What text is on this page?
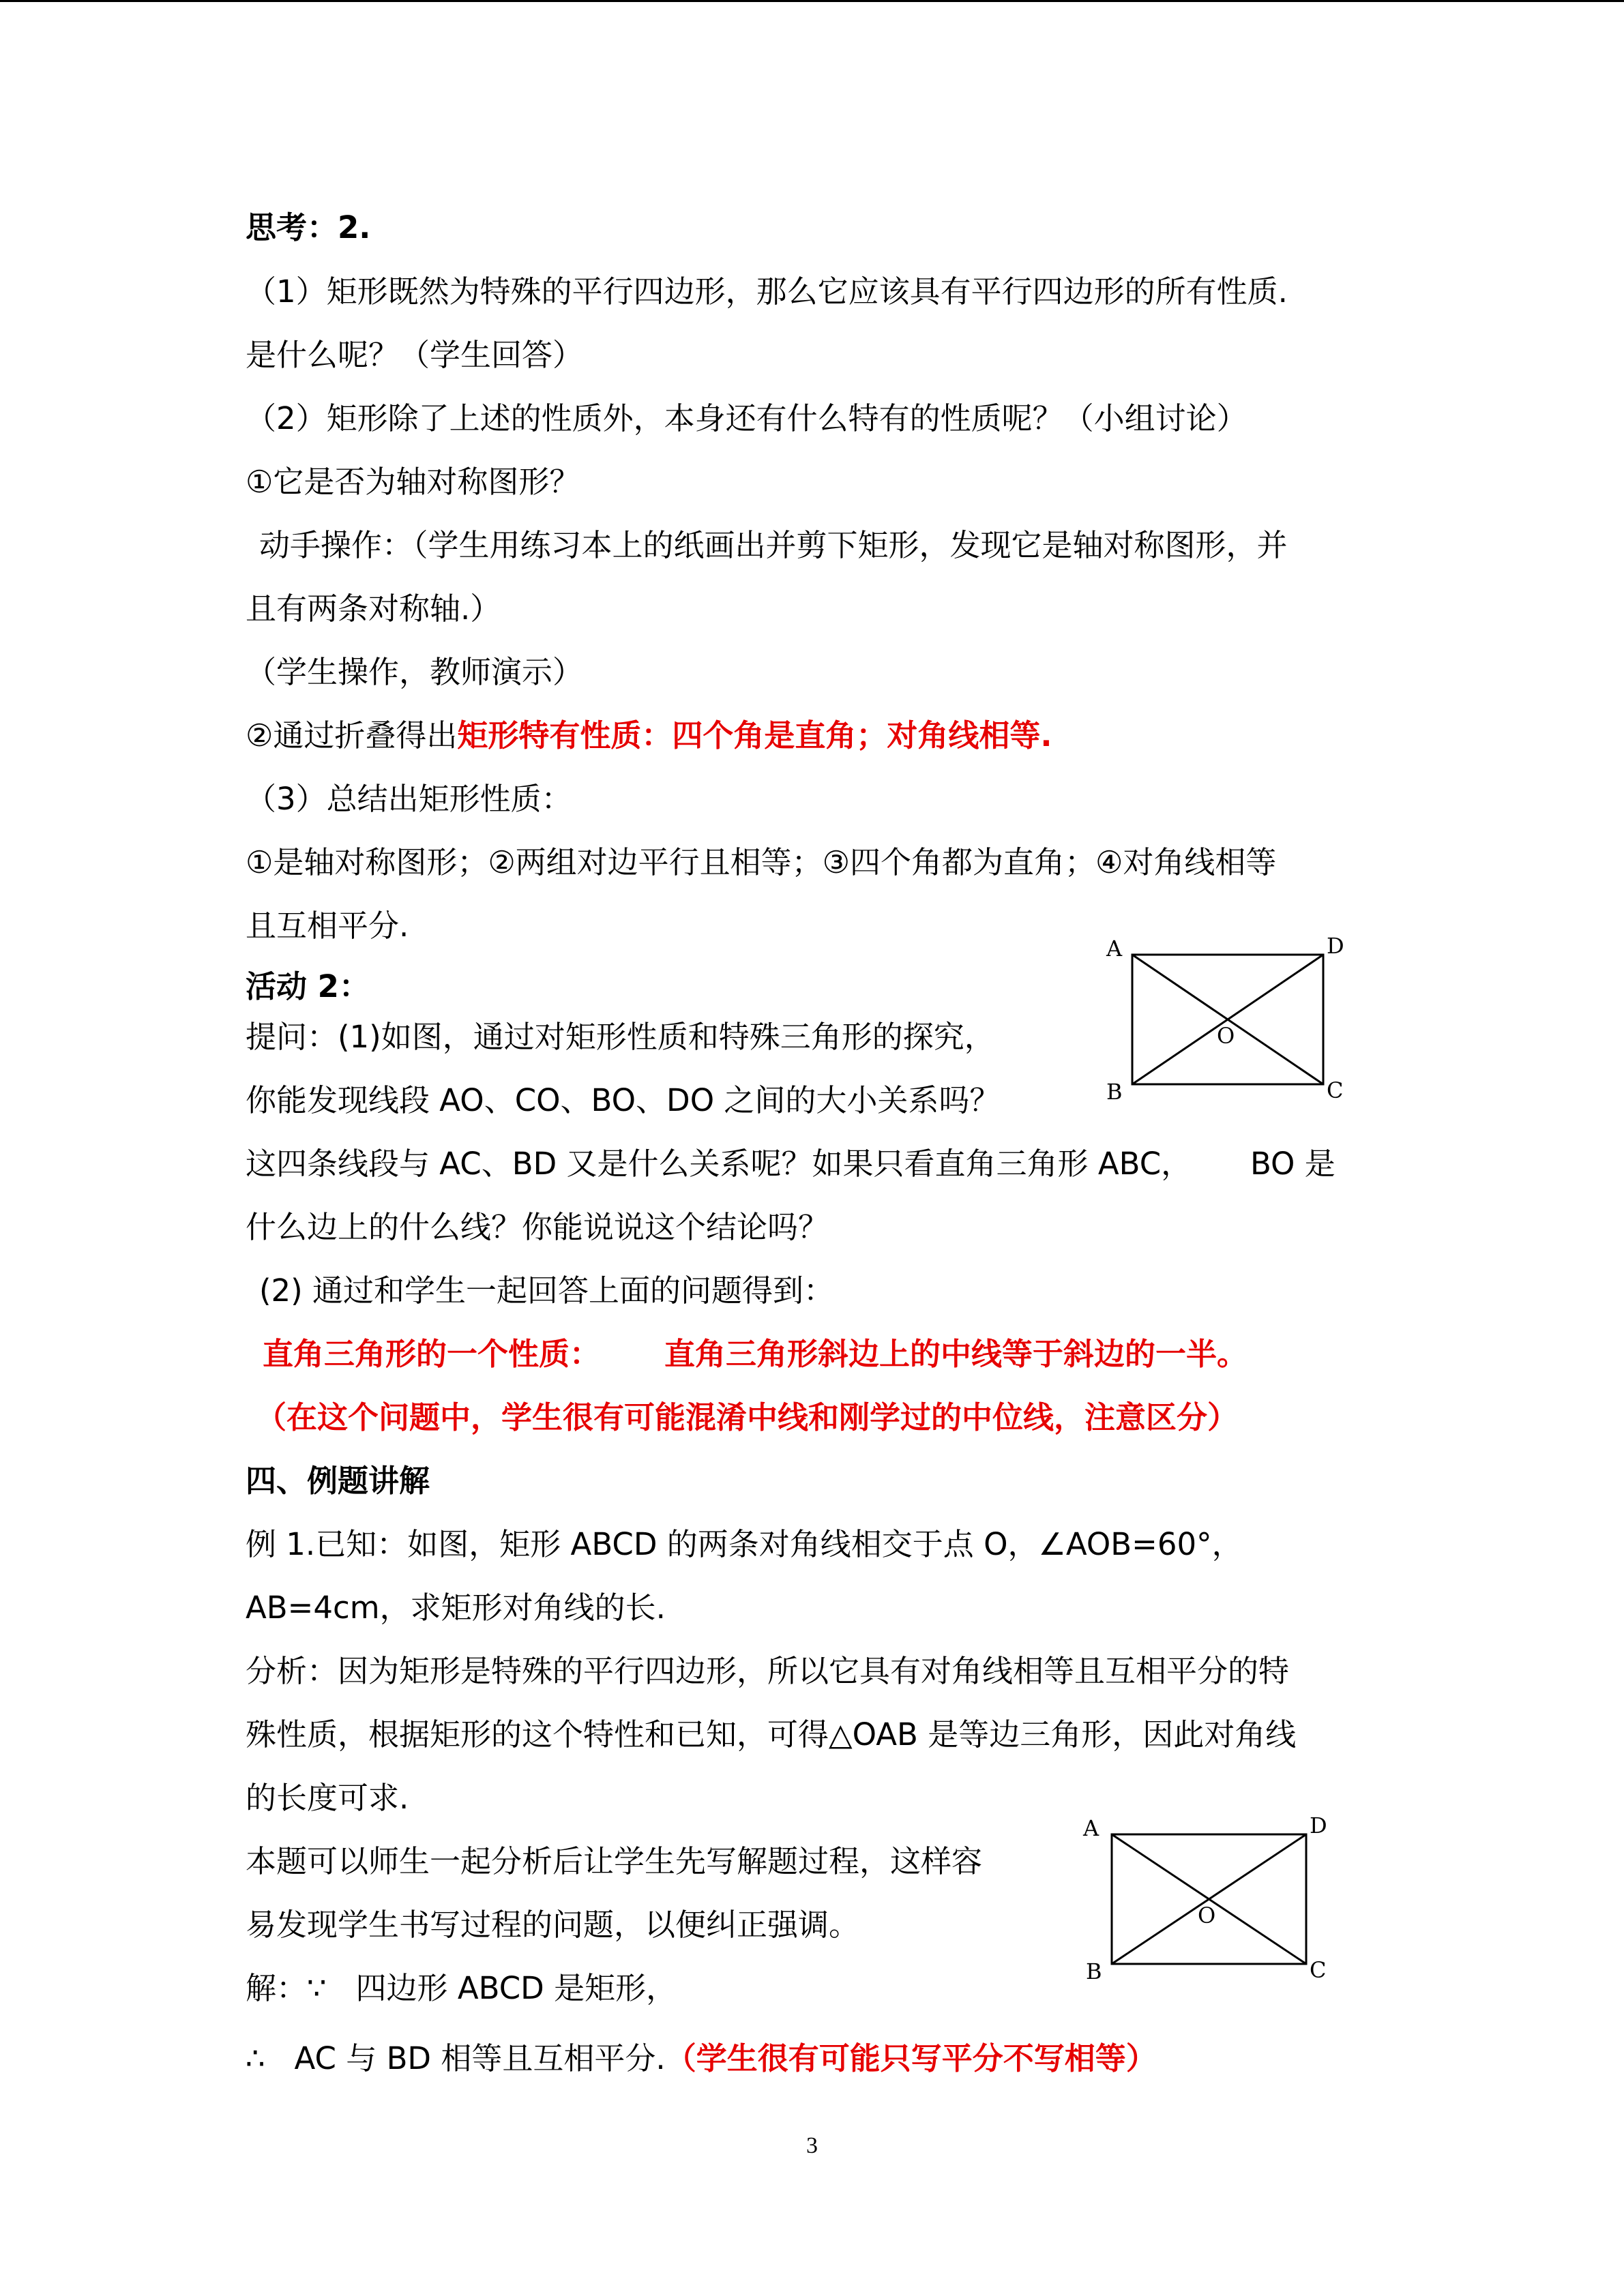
思考：2.
（1）矩形既然为特殊的平行四边形，那么它应该具有平行四边形的所有性质.
是什么呢？（学生回答）
（2）矩形除了上述的性质外，本身还有什么特有的性质呢？（小组讨论）
①它是否为轴对称图形？
动手操作：（学生用练习本上的纸画出并剪下矩形，发现它是轴对称图形，并
且有两条对称轴.）
（学生操作，教师演示）
②通过折叠得出矩形特有性质：四个角是直角；对角线相等.
（3）总结出矩形性质：
①是轴对称图形；②两组对边平行且相等；③四个角都为直角；④对角线相等
且互相平分.
活动 2：
提问：(1)如图，通过对矩形性质和特殊三角形的探究，
你能发现线段 AO、CO、BO、DO 之间的大小关系吗？
这四条线段与 AC、BD 又是什么关系呢？如果只看直角三角形 ABC，      BO 是
什么边上的什么线？你能说说这个结论吗？
(2) 通过和学生一起回答上面的问题得到：
直角三角形的一个性质：      直角三角形斜边上的中线等于斜边的一半。
（在这个问题中，学生很有可能混淆中线和刚学过的中位线，注意区分）
四、例题讲解
例 1.已知：如图，矩形 ABCD 的两条对角线相交于点 O，∠AOB=60°，
AB=4cm，求矩形对角线的长.
分析：因为矩形是特殊的平行四边形，所以它具有对角线相等且互相平分的特
殊性质，根据矩形的这个特性和已知，可得△OAB 是等边三角形，因此对角线
的长度可求.
本题可以师生一起分析后让学生先写解题过程，这样容
易发现学生书写过程的问题，以便纠正强调。
解：∵   四边形 ABCD 是矩形，
∴   AC 与 BD 相等且互相平分.（学生很有可能只写平分不写相等）
A	D
B	C
O
A	D
B	C
O
3
